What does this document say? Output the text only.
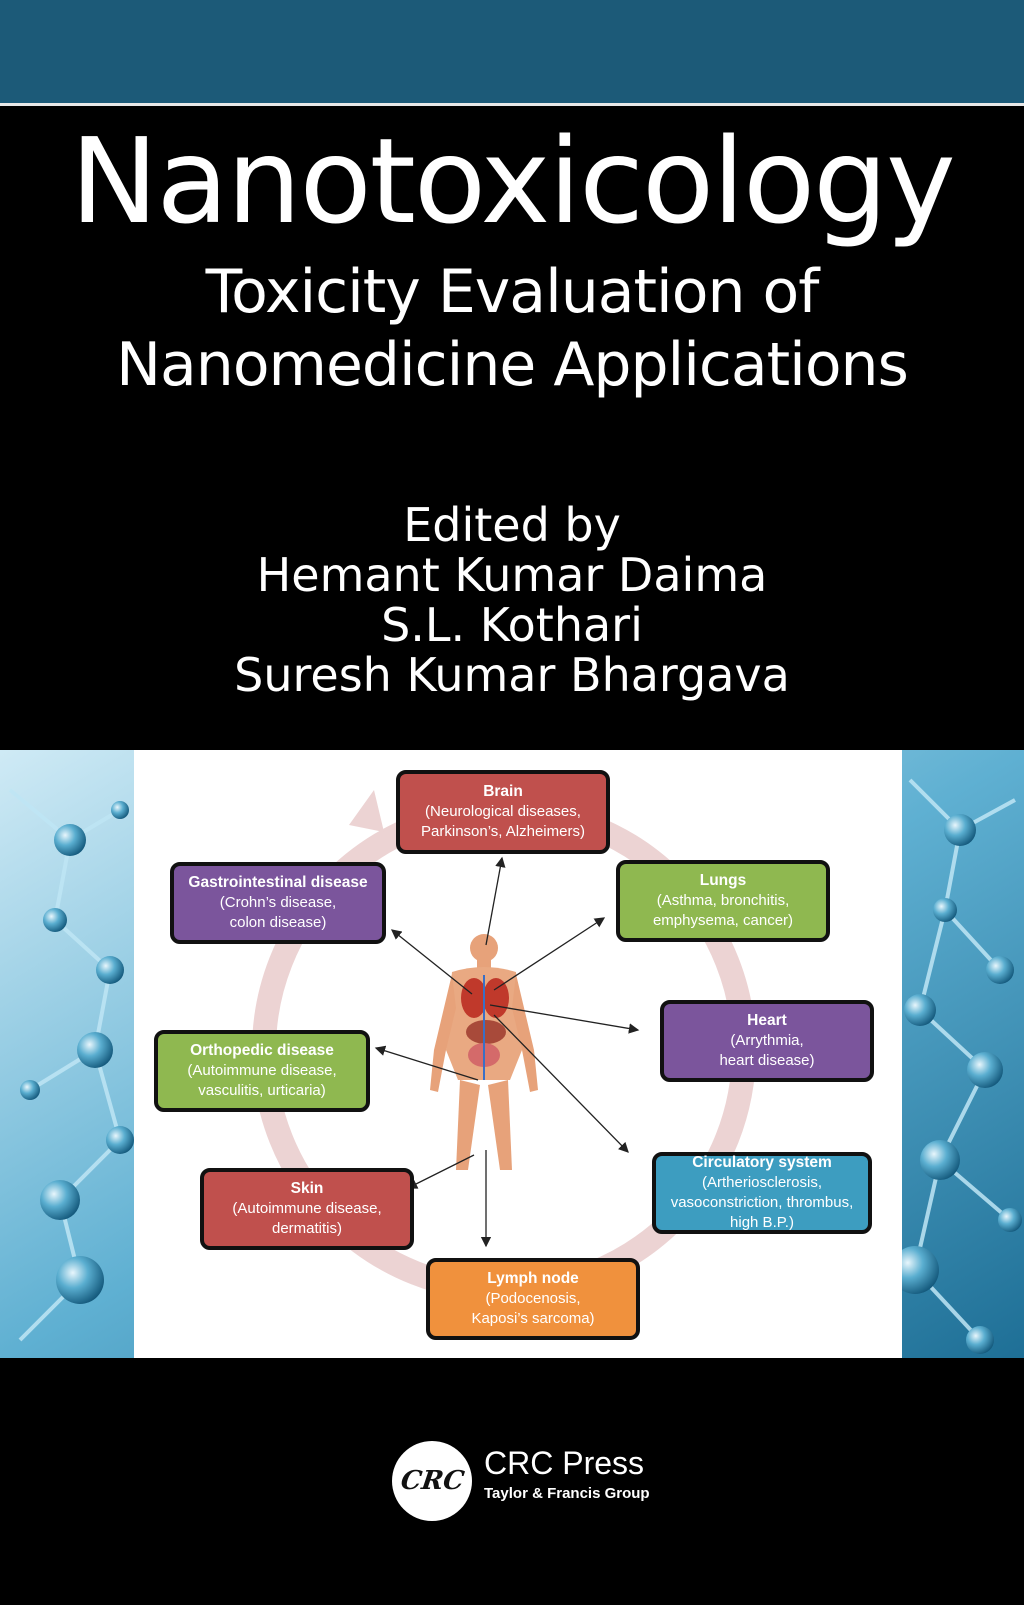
Nanotoxicology
Toxicity Evaluation of
Nanomedicine Applications
Edited by
Hemant Kumar Daima
S.L. Kothari
Suresh Kumar Bhargava
Brain
(Neurological diseases,
Parkinson’s, Alzheimers)
Lungs
(Asthma, bronchitis,
emphysema, cancer)
Heart
(Arrythmia,
heart disease)
Circulatory system
(Artheriosclerosis,
vasoconstriction, thrombus,
high B.P.)
Lymph node
(Podocenosis,
Kaposi’s sarcoma)
Skin
(Autoimmune disease,
dermatitis)
Orthopedic disease
(Autoimmune disease,
vasculitis, urticaria)
Gastrointestinal disease
(Crohn’s disease,
colon disease)
CRC CRC Press
Taylor & Francis Group
